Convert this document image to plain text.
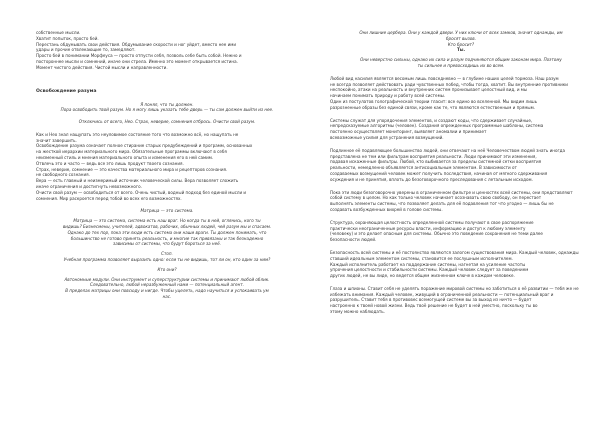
собственные мысли.
Хватит попыток, просто бей.
Перестань обдумывать свои действия. Обдумывание скорости и ног уйдет, вместо нее ими
удары и прочие отвлекающие то, замедляют.
Просто бей в понимании Морфеуса — просто отпусти себя, позволь себе быть собой. Нежно и
постороннее мысли и сомнений, иначе они стрела. Именно это момент открывается истина.
Момент чистого действия. Чистой мысли и направленности.
Освобождение разума
Я понял, что ты должен.
Пора освободить твой разум. Но я могу лишь указать тебе дверь — ты сам должен выйти из нее.

Отключись от всего, Нео. Страх, неверие, сомнения отбрось. Очисти свой разум.
Как и Нео знал нащупать это неуловимое состояние того что возможно всё, но нащупать не
значит завершить.
Освобождение разума означает полное стирание старых предубеждений и программ, основанных
на жесткой иерархии материального мира. Обязательные программы включают в себя
неизменный стиль и мнения материального опыта и изменения его в ней самим.
Отвлечь это и часто — ведь все это лишь продукт твоего сознания.
Страх, неверие, сомнение — это качества материального мира и рецепторов сознания.
не свободного сознания.
Вера — есть главный и неизмеримый источник человеческой силы. Вера позволяет сложить
иначе ограничения и достигнуть невозможного.
Очисти свой разум — освободиться от всего. Очень чистый, водный подход без единой мысли и
сомнения. Мир раскроется перед тобой во всех его возможностях.
Матрица — это система.
Матрица — это система, система есть наш враг. Но когда ты в ней, оглянись, кого ты
видишь? Бизнесмены, учителей, адвокатов, рабочих, обычных людей, чей разум мы и спасаем.
Однако до тех пор, пока эти люди есть система они наши враги. Ты должен понимать, что
большинство не готово принять реальность, и многие так привязаны и так безнадежно
зависимы от системы, что будут бороться за неё.
Стоп.
Учебная программа позволяет выразить одно: если ты не видишь, тот ли он, кто один за ним?
Кто они?
Автономные модули. Они инструмент и суперструктурии системы и принимают любой облик.
Следовательно, любой неразбуженный нами — потенциальный агент.
В пределах матрицы они повсюду и нигде. Чтобы уцелеть, надо научиться и успокаивать ум
нас.
Они лишние цербера. Они у каждой двери. У них ключи от всех замков, значит однажды, им
бросят вызов.
Кто бросит?
Ты.
Они неверстно сильны, однако их сила и разум подчиняются общим законам мира. Поэтому
ты сильнее и превосходишь их во всем.
Любой вид насилия является весомым лишь повседневно — в глубине наших целей тормоза. Наш разум
не всегда позволяет действовать ради чувственных побед, чтобы тогда, хватит. Вы внутренние противники
неспокойно, атаки на реальность и внутренних систем пронизывает целостный вид, и мы
начинаем понимать природу и работу всей системы.
Один из постулатов голографической теории гласит: все едино во вселенной. Мы видим лишь
разрозненные образы без единой связи, кроме как те, что являются естественным и прямым.
Системы служат для упорядочения элементов, и создают коды, что сдерживает случайные,
непредсказуемые алгоритмы (человек). Создания опрежденных программные шаблоны, система
постоянно осуществляет мониторинг, выявляет аномалии и принимает
всевозможные усилия для устранения возмущений.
Подлинное её подавляющее большинство людей, они отвечают на неё Человечеством людей знать иногда
представлена не тем или фильтрам восприятия реальности. Люди принимают эти изменения,
подавая искаженные фильтры. Любой, кто выбивается за пределы системной сетки восприятия
реальности, немедленно объявляется антисоциальным элементом. В зависимости от
создаваемых возмущений человек может получить последствия, начиная от мягкого сдерживания
осуждения и не принятия, вплоть до безоговорочного преследования с летальным исходом.
Пока эти люди безоговорочно уверены в ограниченном фильтре и ценностях всей системы, они представляют
собой систему в целом. Но как только человек начинает осознавать свою свободу, он перестает
выполнять элементы системы, что позволяет делать для её подавления тот что угодно — лишь бы не
создавать возбужденных вихрей в голове системы.
Структура, охраняющая целостность определенной системы получают в свое распоряжение
практически неограниченные ресурсы власти, информацию и доступ к любому элементу
(человеку) и это делает опасным для системы. Обычно это поведение сохранения не теми далее
безопасности людей.
Безопасность всей системы и её постоянство являются залогом существования мира. Каждый человек, однажды
ставший идеальным элементом системы, становится ее послушным исполнителем.
Каждый исполнитель работает на поддержание системы, нагнетая на усиление частоты
упрочения целостности и стабильности системы. Каждый человек следует за поведением
других людей, не вы лиде, но ведется общем жизненном ключе в каждом человеке.
Глаза и шпионы. Ставит себя не уделять поражение мировой системы но заботиться о её развитии — тебя же не
избежать внимания. Каждый человек, живущий в ограниченной реальности — потенциальный враг и
разрушитель. Ставит тебя в противовес всемогущей системе вы за выход из ничто — будет
настроенно к твоей новой жизни. Ведь твоё решение не будет в ней уместно, поскольку ты во
этому можно наблюдать.
